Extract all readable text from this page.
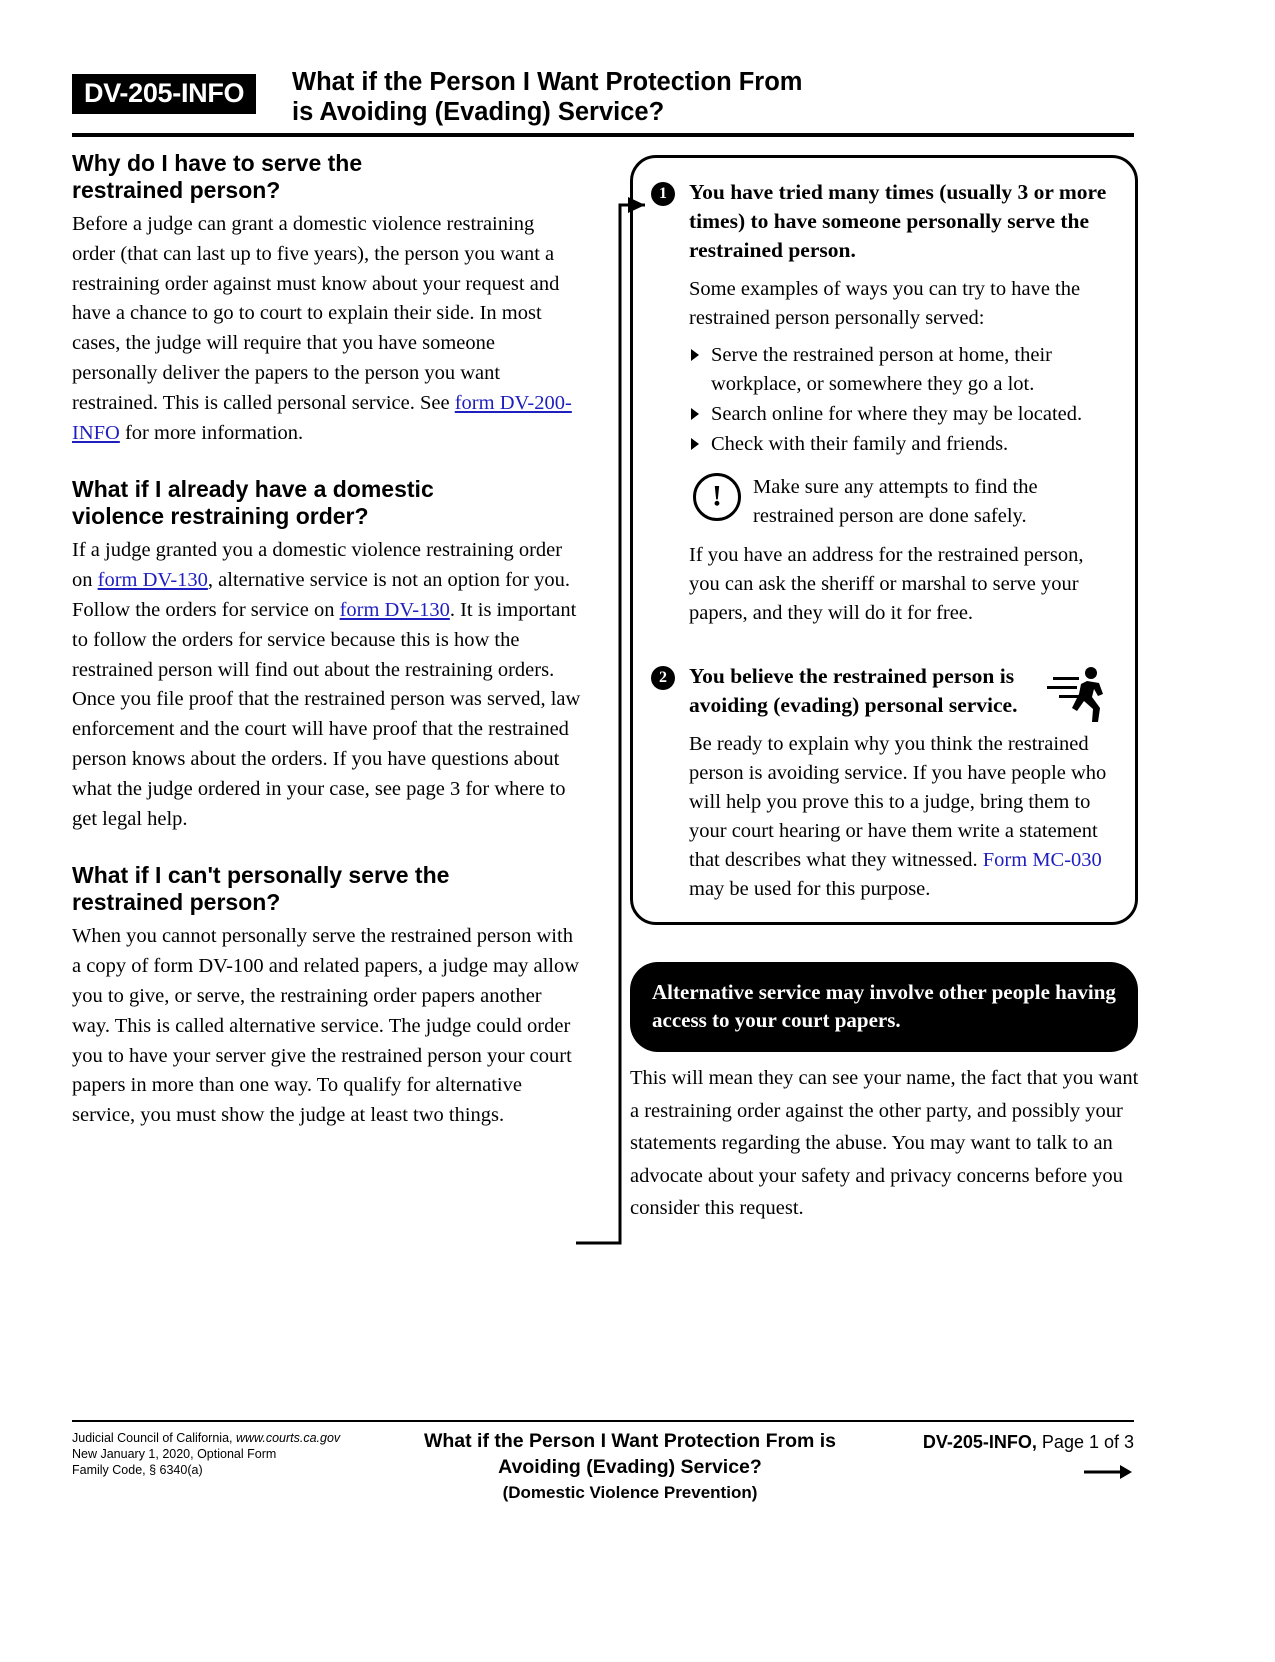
DV-205-INFO	What if the Person I Want Protection From
is Avoiding (Evading) Service?
Why do I have to serve the
restrained person?

Before a judge can grant a domestic violence restraining order (that can last up to five years), the person you want a restraining order against must know about your request and have a chance to go to court to explain their side. In most cases, the judge will require that you have someone personally deliver the papers to the person you want restrained. This is called personal service. See form DV-200-INFO for more information.

What if I already have a domestic
violence restraining order?

If a judge granted you a domestic violence restraining order on form DV-130, alternative service is not an option for you. Follow the orders for service on form DV-130. It is important to follow the orders for service because this is how the restrained person will find out about the restraining orders. Once you file proof that the restrained person was served, law enforcement and the court will have proof that the restrained person knows about the orders. If you have questions about what the judge ordered in your case, see page 3 for where to get legal help.

What if I can't personally serve the
restrained person?

When you cannot personally serve the restrained person with a copy of form DV-100 and related papers, a judge may allow you to give, or serve, the restraining order papers another way. This is called alternative service. The judge could order you to have your server give the restrained person your court papers in more than one way. To qualify for alternative service, you must show the judge at least two things.

1	You have tried many times (usually 3 or more times) to have someone personally serve the restrained person.

Some examples of ways you can try to have the restrained person personally served:

Serve the restrained person at home, their workplace, or somewhere they go a lot.
Search online for where they may be located.
Check with their family and friends.
!
Make sure any attempts to find the restrained person are done safely.

If you have an address for the restrained person, you can ask the sheriff or marshal to serve your papers, and they will do it for free.

2	You believe the restrained person is avoiding (evading) personal service.

Be ready to explain why you think the restrained person is avoiding service. If you have people who will help you prove this to a judge, bring them to your court hearing or have them write a statement that describes what they witnessed. Form MC-030 may be used for this purpose.

Alternative service may involve other people having access to your court papers.
This will mean they can see your name, the fact that you want a restraining order against the other party, and possibly your statements regarding the abuse. You may want to talk to an advocate about your safety and privacy concerns before you consider this request.
Judicial Council of California, www.courts.ca.gov
New January 1, 2020, Optional Form
Family Code, § 6340(a)
What if the Person I Want Protection From is
Avoiding (Evading) Service?
(Domestic Violence Prevention)
DV-205-INFO, Page 1 of 3
